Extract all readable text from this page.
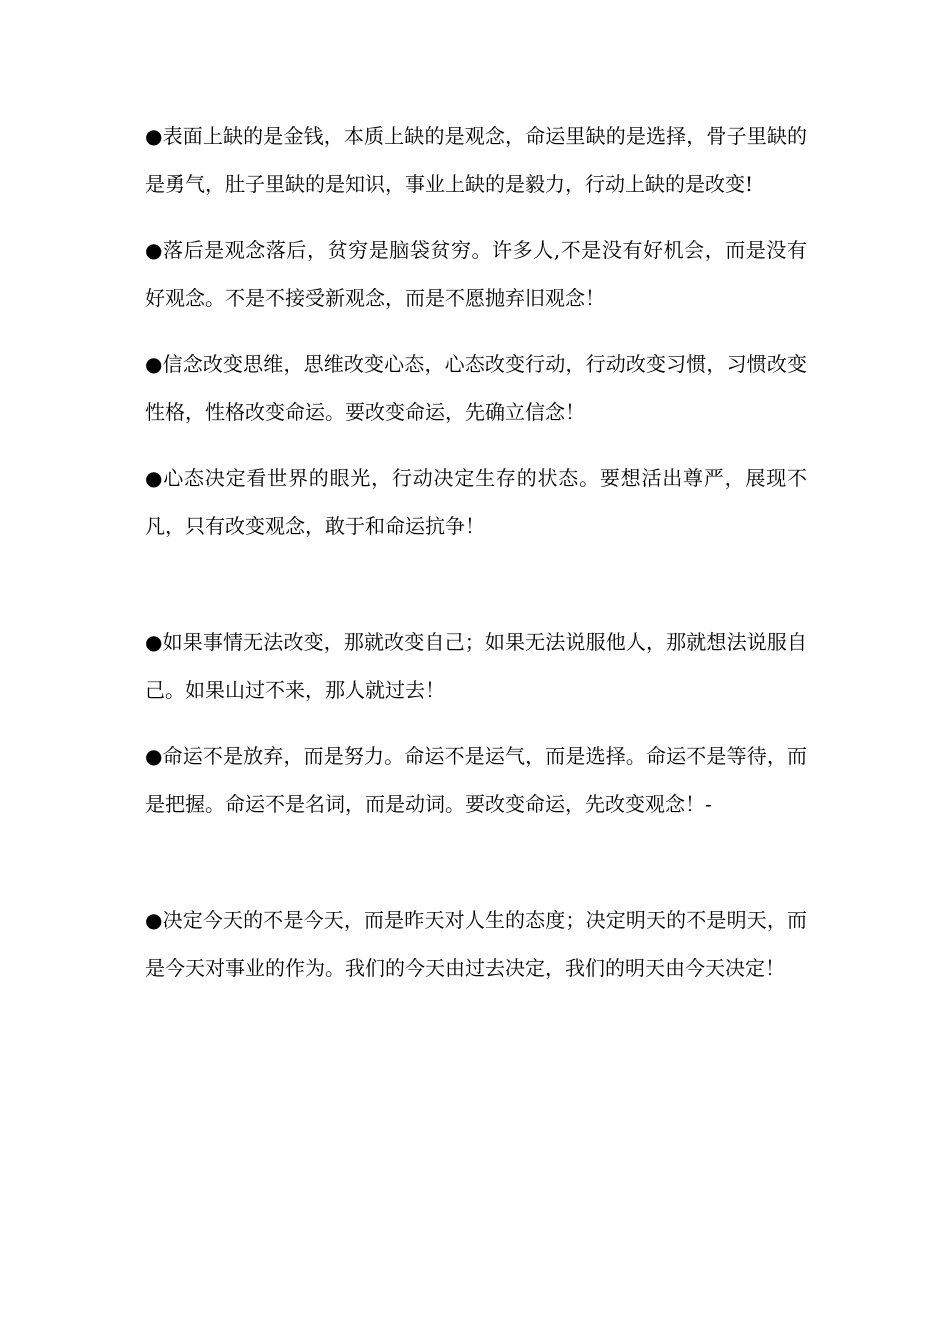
●表面上缺的是金钱，本质上缺的是观念，命运里缺的是选择，骨子里缺的是勇气，肚子里缺的是知识，事业上缺的是毅力，行动上缺的是改变!

●落后是观念落后，贫穷是脑袋贫穷。许多人,不是没有好机会，而是没有好观念。不是不接受新观念，而是不愿抛弃旧观念！

●信念改变思维，思维改变心态，心态改变行动，行动改变习惯，习惯改变性格，性格改变命运。要改变命运，先确立信念！

●心态决定看世界的眼光，行动决定生存的状态。要想活出尊严，展现不凡，只有改变观念，敢于和命运抗争！

●如果事情无法改变，那就改变自己；如果无法说服他人，那就想法说服自己。如果山过不来，那人就过去！

●命运不是放弃，而是努力。命运不是运气，而是选择。命运不是等待，而是把握。命运不是名词，而是动词。要改变命运，先改变观念！-

●决定今天的不是今天，而是昨天对人生的态度；决定明天的不是明天，而是今天对事业的作为。我们的今天由过去决定，我们的明天由今天决定！
